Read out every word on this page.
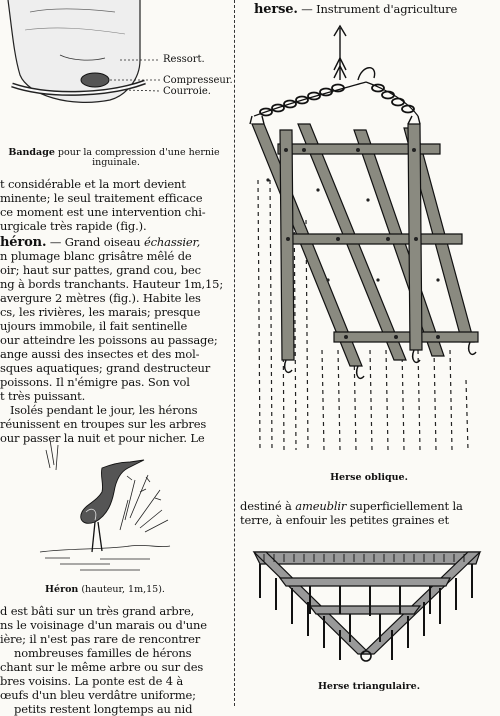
Ressort.
Compresseur.
Courroie.
Bandage pour la compression d'une hernie
inguinale.
t considérable et la mort devient
minente; le seul traitement efficace
ce moment est une intervention chi-
urgicale très rapide (fig.).
héron. — Grand oiseau échassier,
n plumage blanc grisâtre mêlé de
oir; haut sur pattes, grand cou, bec
ng à bords tranchants. Hauteur 1m,15;
avergure 2 mètres (fig.). Habite les
cs, les rivières, les marais; presque
ujours immobile, il fait sentinelle
our atteindre les poissons au passage;
ange aussi des insectes et des mol-
sques aquatiques; grand destructeur
poissons. Il n'émigre pas. Son vol
t très puissant.
Isolés pendant le jour, les hérons
réunissent en troupes sur les arbres
our passer la nuit et pour nicher. Le
Héron (hauteur, 1m,15).
d est bâti sur un très grand arbre,
ns le voisinage d'un marais ou d'une
ière; il n'est pas rare de rencontrer
nombreuses familles de hérons
chant sur le même arbre ou sur des
bres voisins. La ponte est de 4 à
œufs d'un bleu verdâtre uniforme;
petits restent longtemps au nid
herse. — Instrument d'agriculture
Herse oblique.
destiné à ameublir superficiellement la
terre, à enfouir les petites graines et
Herse triangulaire.
